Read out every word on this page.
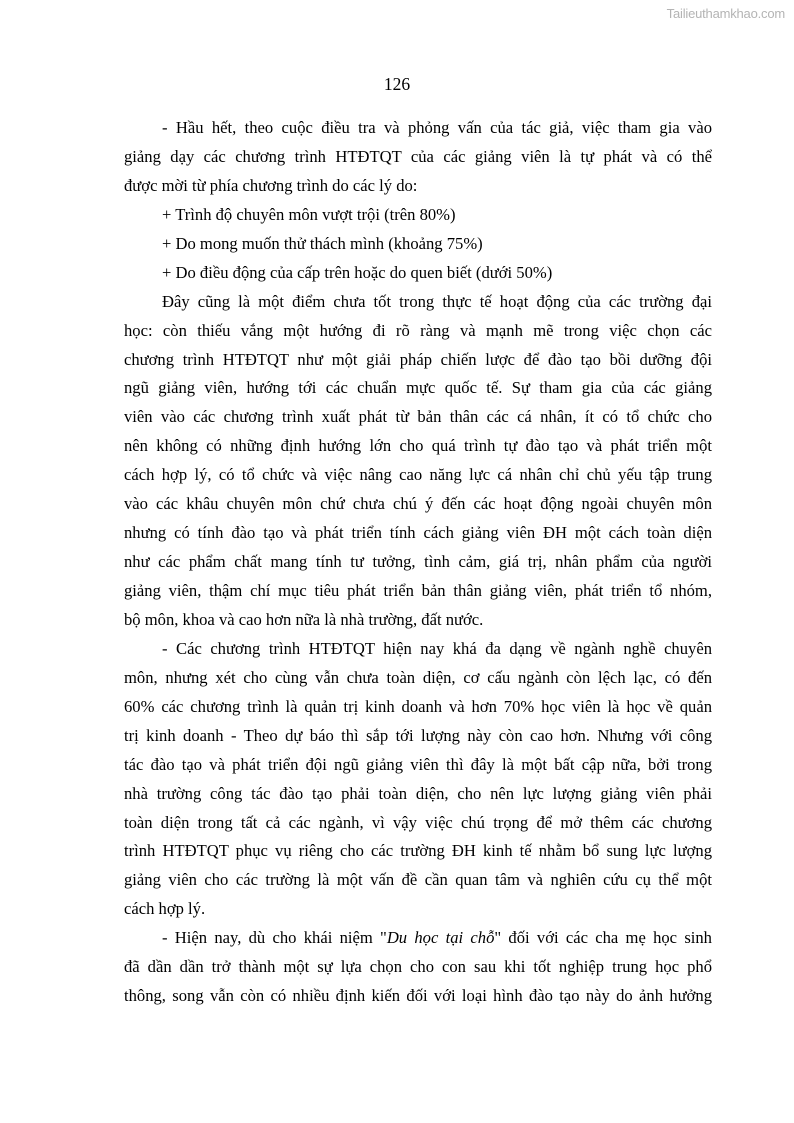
Tailieuthamkhao.com
126
- Hầu hết, theo cuộc điều tra và phỏng vấn của tác giả, việc tham gia vào
giảng dạy các chương trình HTĐTQT của các giảng viên là tự phát và có thể
được mời từ phía chương trình do các lý do:
+ Trình độ chuyên môn vượt trội (trên 80%)
+ Do mong muốn thử thách mình (khoảng 75%)
+ Do điều động của cấp trên hoặc do quen biết (dưới 50%)
Đây cũng là một điểm chưa tốt trong thực tế hoạt động của các trường đại
học: còn thiếu vắng một hướng đi rõ ràng và mạnh mẽ trong việc chọn các
chương trình HTĐTQT như một giải pháp chiến lược để đào tạo bồi dưỡng đội
ngũ giảng viên, hướng tới các chuẩn mực quốc tế. Sự tham gia của các giảng
viên vào các chương trình xuất phát từ bản thân các cá nhân, ít có tổ chức cho
nên không có những định hướng lớn cho quá trình tự đào tạo và phát triển một
cách hợp lý, có tổ chức và việc nâng cao năng lực cá nhân chỉ chủ yếu tập trung
vào các khâu chuyên môn chứ chưa chú ý đến các hoạt động ngoài chuyên môn
nhưng có tính đào tạo và phát triển tính cách giảng viên ĐH một cách toàn diện
như các phẩm chất mang tính tư tưởng, tình cảm, giá trị, nhân phẩm của người
giảng viên, thậm chí mục tiêu phát triển bản thân giảng viên, phát triển tổ nhóm,
bộ môn, khoa và cao hơn nữa là nhà trường, đất nước.
- Các chương trình HTĐTQT hiện nay khá đa dạng về ngành nghề chuyên
môn, nhưng xét cho cùng vẫn chưa toàn diện, cơ cấu ngành còn lệch lạc, có đến
60% các chương trình là quản trị kinh doanh và hơn 70% học viên là học về quản
trị kinh doanh - Theo dự báo thì sắp tới lượng này còn cao hơn. Nhưng với công
tác đào tạo và phát triển đội ngũ giảng viên thì đây là một bất cập nữa, bởi trong
nhà trường công tác đào tạo phải toàn diện, cho nên lực lượng giảng viên phải
toàn diện trong tất cả các ngành, vì vậy việc chú trọng để mở thêm các chương
trình HTĐTQT phục vụ riêng cho các trường ĐH kinh tế nhằm bổ sung lực lượng
giảng viên cho các trường là một vấn đề cần quan tâm và nghiên cứu cụ thể một
cách hợp lý.
- Hiện nay, dù cho khái niệm "Du học tại chỗ" đối với các cha mẹ học sinh
đã dần dần trở thành một sự lựa chọn cho con sau khi tốt nghiệp trung học phổ
thông, song vẫn còn có nhiều định kiến đối với loại hình đào tạo này do ảnh hưởng
